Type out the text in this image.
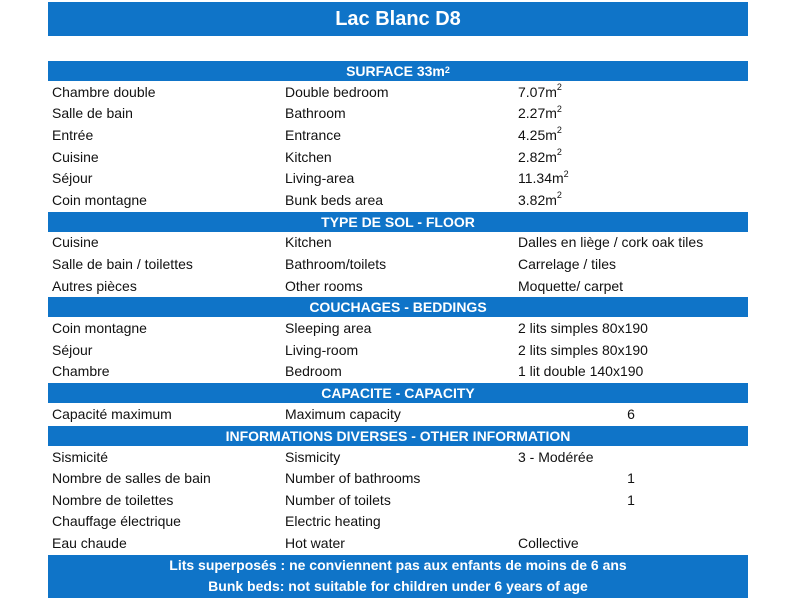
Lac Blanc D8
SURFACE $33m^2$
Chambre double	Double bedroom	$7.07m^2$
Salle de bain	Bathroom	$2.27m^2$
Entrée	Entrance	$4.25m^2$
Cuisine	Kitchen	$2.82m^2$
Séjour	Living-area	$11.34m^2$
Coin montagne	Bunk beds area	$3.82m^2$
TYPE DE SOL - FLOOR
Cuisine	Kitchen	Dalles en liège / cork oak tiles
Salle de bain / toilettes	Bathroom/toilets	Carrelage / tiles
Autres pièces	Other rooms	Moquette/ carpet
COUCHAGES - BEDDINGS
Coin montagne	Sleeping area	2 lits simples 80x190
Séjour	Living-room	2 lits simples 80x190
Chambre	Bedroom	1 lit double 140x190
CAPACITE - CAPACITY
Capacité maximum	Maximum capacity	6
INFORMATIONS DIVERSES - OTHER INFORMATION
Sismicité	Sismicity	3 - Modérée
Nombre de salles de bain	Number of bathrooms	1
Nombre de toilettes	Number of toilets	1
Chauffage électrique	Electric heating
Eau chaude	Hot water	Collective
Lits superposés : ne conviennent pas aux enfants de moins de 6 ans
Bunk beds: not suitable for children under 6 years of age
